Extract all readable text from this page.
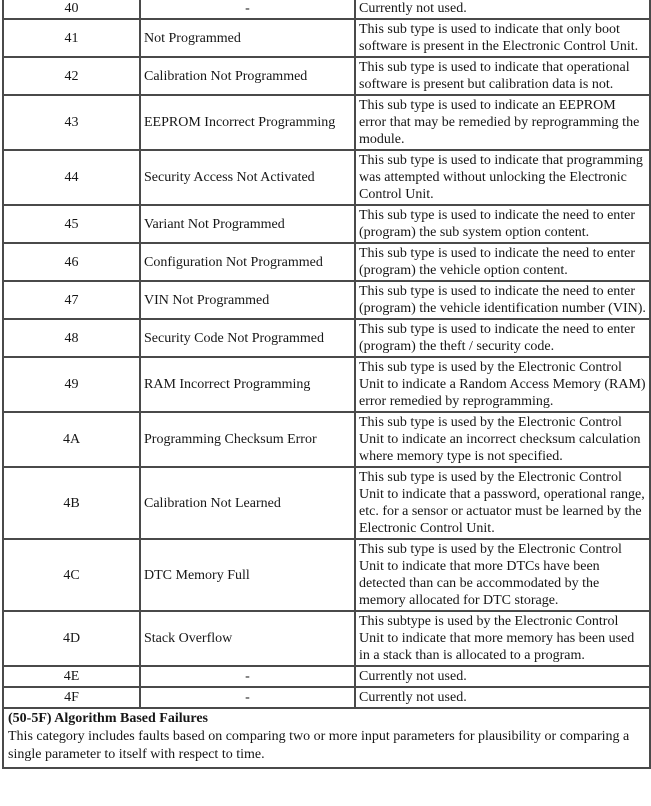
40	-	Currently not used.
41	Not Programmed	This sub type is used to indicate that only boot software is present in the Electronic Control Unit.
42	Calibration Not Programmed	This sub type is used to indicate that operational software is present but calibration data is not.
43	EEPROM Incorrect Programming	This sub type is used to indicate an EEPROM error that may be remedied by reprogramming the module.
44	Security Access Not Activated	This sub type is used to indicate that programming was attempted without unlocking the Electronic Control Unit.
45	Variant Not Programmed	This sub type is used to indicate the need to enter (program) the sub system option content.
46	Configuration Not Programmed	This sub type is used to indicate the need to enter (program) the vehicle option content.
47	VIN Not Programmed	This sub type is used to indicate the need to enter (program) the vehicle identification number (VIN).
48	Security Code Not Programmed	This sub type is used to indicate the need to enter (program) the theft / security code.
49	RAM Incorrect Programming	This sub type is used by the Electronic Control Unit to indicate a Random Access Memory (RAM) error remedied by reprogramming.
4A	Programming Checksum Error	This sub type is used by the Electronic Control Unit to indicate an incorrect checksum calculation where memory type is not specified.
4B	Calibration Not Learned	This sub type is used by the Electronic Control Unit to indicate that a password, operational range, etc. for a sensor or actuator must be learned by the Electronic Control Unit.
4C	DTC Memory Full	This sub type is used by the Electronic Control Unit to indicate that more DTCs have been detected than can be accommodated by the memory allocated for DTC storage.
4D	Stack Overflow	This subtype is used by the Electronic Control Unit to indicate that more memory has been used in a stack than is allocated to a program.
4E	-	Currently not used.
4F	-	Currently not used.

(50-5F) Algorithm Based Failures
This category includes faults based on comparing two or more input parameters for plausibility or comparing a single parameter to itself with respect to time.		
